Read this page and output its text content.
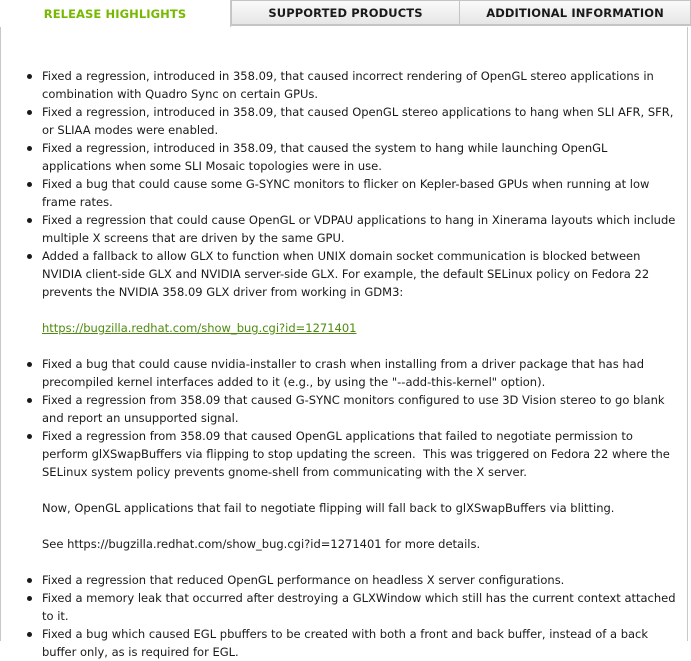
RELEASE HIGHLIGHTS	SUPPORTED PRODUCTS	ADDITIONAL INFORMATION
Fixed a regression, introduced in 358.09, that caused incorrect rendering of OpenGL stereo applications in combination with Quadro Sync on certain GPUs.
Fixed a regression, introduced in 358.09, that caused OpenGL stereo applications to hang when SLI AFR, SFR, or SLIAA modes were enabled.
Fixed a regression, introduced in 358.09, that caused the system to hang while launching OpenGL applications when some SLI Mosaic topologies were in use.
Fixed a bug that could cause some G-SYNC monitors to flicker on Kepler-based GPUs when running at low frame rates.
Fixed a regression that could cause OpenGL or VDPAU applications to hang in Xinerama layouts which include multiple X screens that are driven by the same GPU.
Added a fallback to allow GLX to function when UNIX domain socket communication is blocked between NVIDIA client-side GLX and NVIDIA server-side GLX. For example, the default SELinux policy on Fedora 22 prevents the NVIDIA 358.09 GLX driver from working in GDM3:
https://bugzilla.redhat.com/show_bug.cgi?id=1271401
Fixed a bug that could cause nvidia-installer to crash when installing from a driver package that has had precompiled kernel interfaces added to it (e.g., by using the "--add-this-kernel" option).
Fixed a regression from 358.09 that caused G-SYNC monitors configured to use 3D Vision stereo to go blank and report an unsupported signal.
Fixed a regression from 358.09 that caused OpenGL applications that failed to negotiate permission to perform glXSwapBuffers via flipping to stop updating the screen.  This was triggered on Fedora 22 where the SELinux system policy prevents gnome-shell from communicating with the X server.
Now, OpenGL applications that fail to negotiate flipping will fall back to glXSwapBuffers via blitting.
See https://bugzilla.redhat.com/show_bug.cgi?id=1271401 for more details.
Fixed a regression that reduced OpenGL performance on headless X server configurations.
Fixed a memory leak that occurred after destroying a GLXWindow which still has the current context attached to it.
Fixed a bug which caused EGL pbuffers to be created with both a front and back buffer, instead of a back buffer only, as is required for EGL.
